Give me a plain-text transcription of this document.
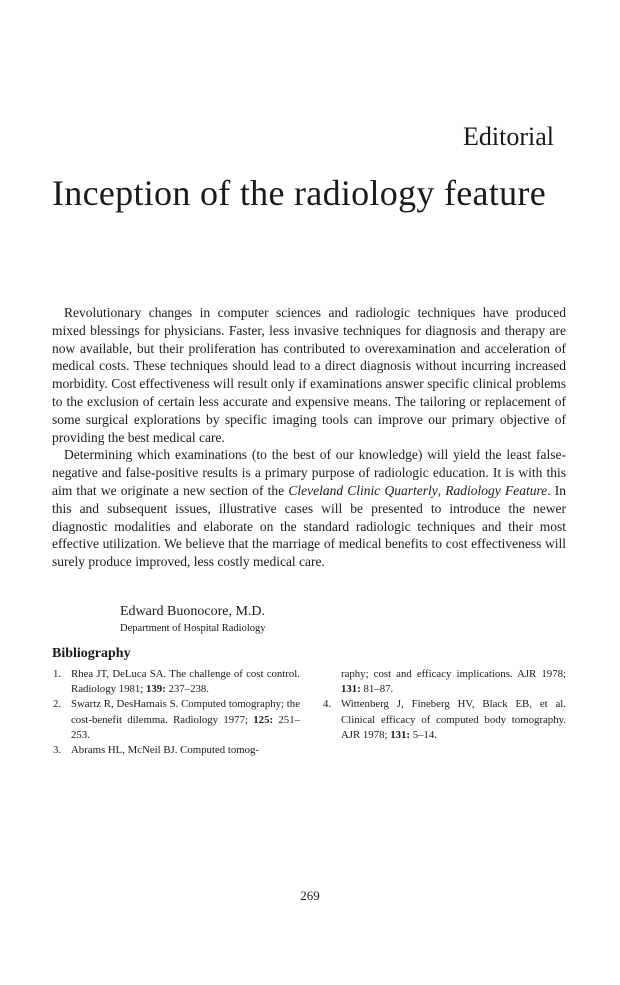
Editorial
Inception of the radiology feature

Revolutionary changes in computer sciences and radiologic techniques have produced mixed blessings for physicians. Faster, less invasive techniques for diagnosis and therapy are now available, but their proliferation has contributed to overexamination and acceleration of medical costs. These techniques should lead to a direct diagnosis without incurring increased morbidity. Cost effectiveness will result only if examinations answer specific clinical problems to the exclusion of certain less accurate and expensive means. The tailoring or replacement of some surgical explorations by specific imaging tools can improve our primary objective of providing the best medical care.

Determining which examinations (to the best of our knowledge) will yield the least false-negative and false-positive results is a primary purpose of radiologic education. It is with this aim that we originate a new section of the Cleveland Clinic Quarterly, Radiology Feature. In this and subsequent issues, illustrative cases will be presented to introduce the newer diagnostic modalities and elaborate on the standard radiologic techniques and their most effective utilization. We believe that the marriage of medical benefits to cost effectiveness will surely produce improved, less costly medical care.

Edward Buonocore, M.D.
Department of Hospital Radiology
Bibliography
1. Rhea JT, DeLuca SA. The challenge of cost control. Radiology 1981; 139: 237–238.
2. Swartz R, DesHarnais S. Computed tomography; the cost-benefit dilemma. Radiology 1977; 125: 251–253.
3. Abrams HL, McNeil BJ. Computed tomog-
raphy; cost and efficacy implications. AJR 1978; 131: 81–87.
4. Wittenberg J, Fineberg HV, Black EB, et al. Clinical efficacy of computed body tomography. AJR 1978; 131: 5–14.
269
